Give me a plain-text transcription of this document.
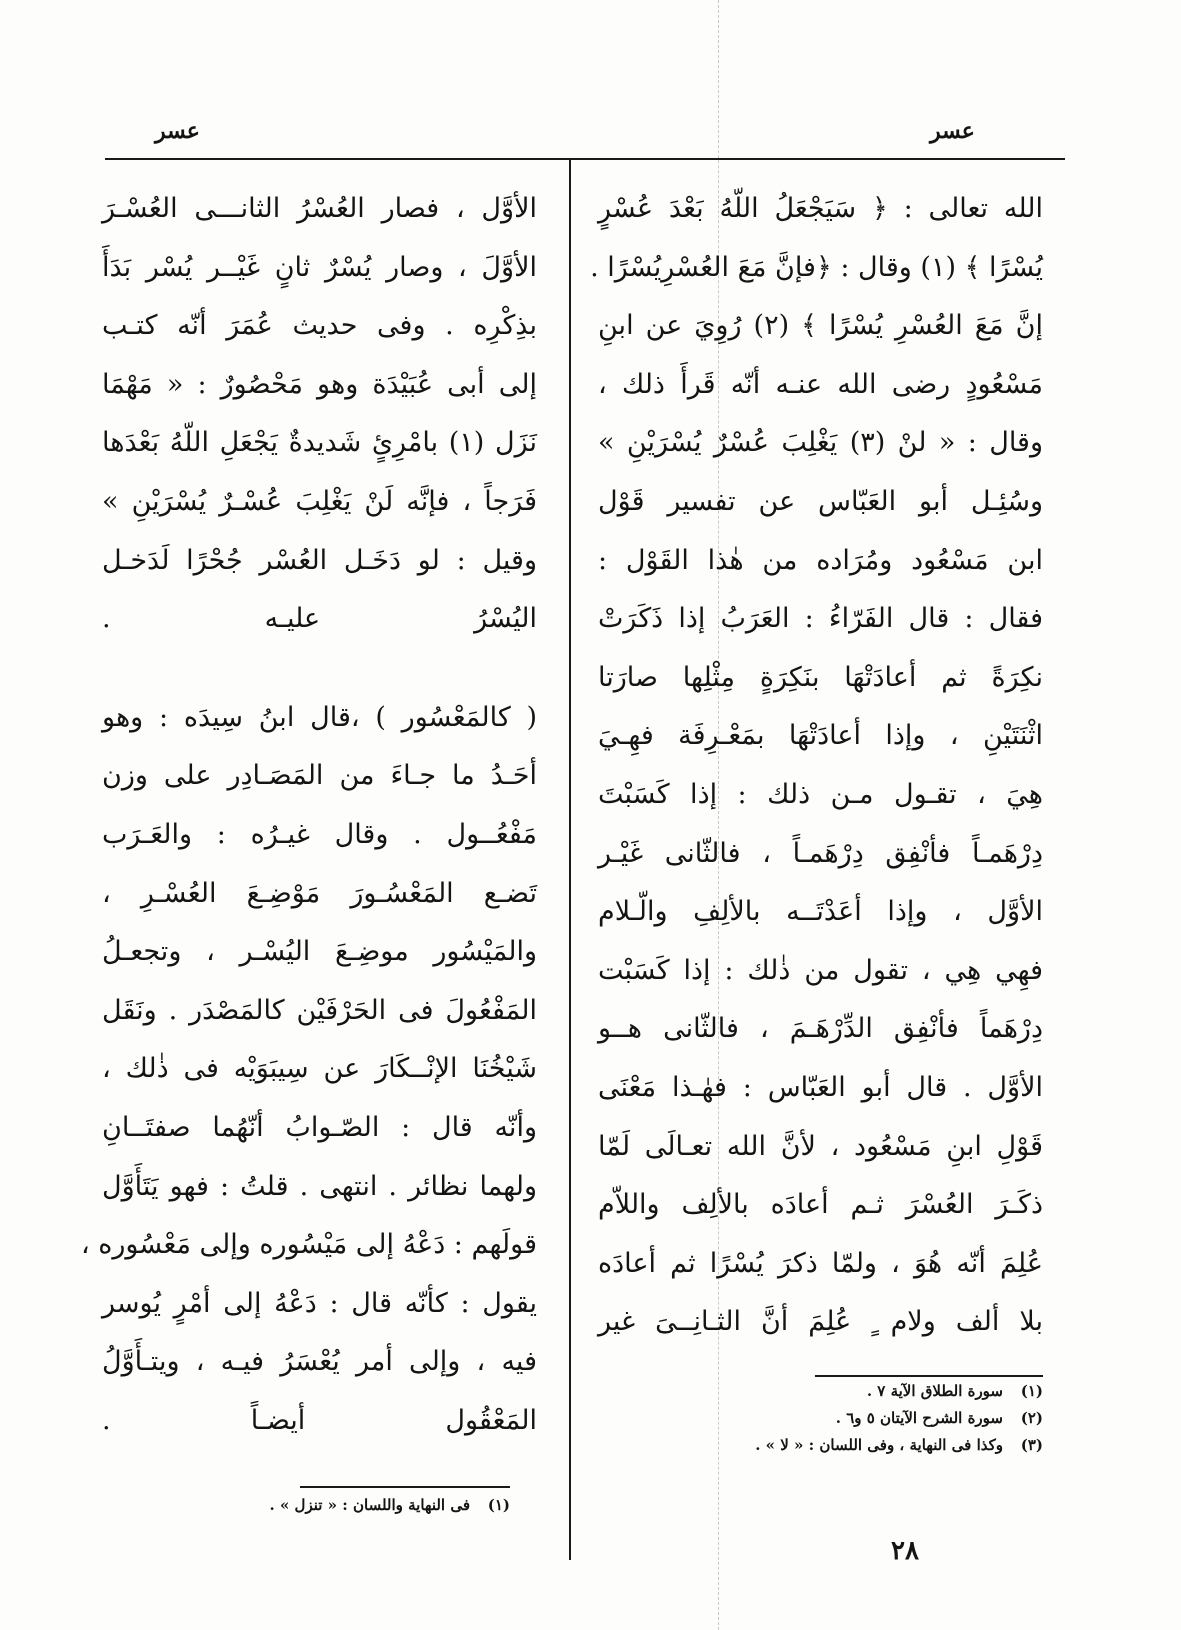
عسر
عسر
الله تعالى : ﴿ سَيَجْعَلُ اللّهُ بَعْدَ عُسْرٍ
يُسْرًا ﴾ (١) وقال : ﴿فإنَّ مَعَ العُسْرِيُسْرًا .
إنَّ مَعَ العُسْرِ يُسْرًا ﴾ (٢) رُوِيَ عن ابنِ
مَسْعُودٍ رضى الله عنـه أنّه قَرأَ ذلك ،
وقال : « لنْ (٣) يَغْلِبَ عُسْرٌ يُسْرَيْنِ »
وسُئِـل أبو العَبّاس عن تفسير قَوْل
ابن مَسْعُود ومُرَاده من هٰذا القَوْل :
فقال : قال الفَرّاءُ : العَرَبُ إذا ذَكَرَتْ
نكِرَةً ثم أعادَتْهَا بنَكِرَةٍ مِثْلِها صارَتا
اثْنَتَيْنِ ، وإذا أعادَتْهَا بمَعْـرِفَة فهِـيَ
هِيَ ، تقـول مـن ذلك : إذا كَسَبْتَ
دِرْهَمـاً فأنْفِق دِرْهَمـاً ، فالثّانى غَيْـر
الأوَّل ، وإذا أعَدْتَــه بالألِفِ والّـلام
فهِي هِي ، تقول من ذٰلك : إذا كَسَبْت
دِرْهَماً فأنْفِق الدِّرْهَـمَ ، فالثّانى هــو
الأوَّل . قال أبو العَبّاس : فهٰـذا مَعْنَى
قَوْلِ ابنِ مَسْعُود ، لأنَّ الله تعـالَى لَمّا
ذكَـرَ العُسْرَ ثـم أعادَه بالألِف واللاّم
عُلِمَ أنّه هُوَ ، ولمّا ذكرَ يُسْرًا ثم أعادَه
بلا ألف ولام ٍ عُلِمَ أنَّ الثـانِــىَ غير
الأوَّل ، فصار العُسْرُ الثانـــى العُسْـرَ
الأوَّلَ ، وصار يُسْرٌ ثانٍ غَيْــر يُسْر بَدَأَ
بذِكْرِه . وفى حديث عُمَرَ أنّه كتـب
إلى أبى عُبَيْدَة وهو مَحْصُورٌ : « مَهْمَا
نَزَل (١) بامْرِئٍ شَديدةٌ يَجْعَلِ اللّهُ بَعْدَها
فَرَجاً ، فإنَّه لَنْ يَغْلِبَ عُسْـرٌ يُسْرَيْنِ »
وقيل : لو دَخَـل العُسْر جُحْرًا لَدَخـل
اليُسْرُ عليـه .
( كالمَعْسُور ) ،قال ابنُ سِيدَه : وهو
أحَـدُ ما جـاءَ من المَصَـادِر على وزن
مَفْعُــول . وقال غيـرُه : والعَـرَب
تَضـع المَعْسُـورَ مَوْضِـعَ العُسْـرِ ،
والمَيْسُور موضِـعَ اليُسْـر ، وتجعـلُ
المَفْعُولَ فى الحَرْفَيْن كالمَصْدَر . ونَقَل
شَيْخُنَا الإنْــكَارَ عن سِيبَوَيْه فى ذٰلك ،
وأنّه قال : الصّـوابُ أنّهُما صفتَــانِ
ولهما نظائر . انتهى . قلتُ : فهو يَتَأَوَّل
قولَهم : دَعْهُ إلى مَيْسُوره وإلى مَعْسُوره ،
يقول : كأنّه قال : دَعْهُ إلى أمْرٍ يُوسر
فيه ، وإلى أمر يُعْسَرُ فيـه ، ويتـأَوَّلُ
المَعْقُول أيضـاً .
(١)سورة الطلاق الآية ٧ .
(٢)سورة الشرح الآيتان ٥ و٦ .
(٣)وكذا فى النهاية ، وفى اللسان : « لا » .
(١)فى النهاية واللسان : « تنزل » .
٢٨
